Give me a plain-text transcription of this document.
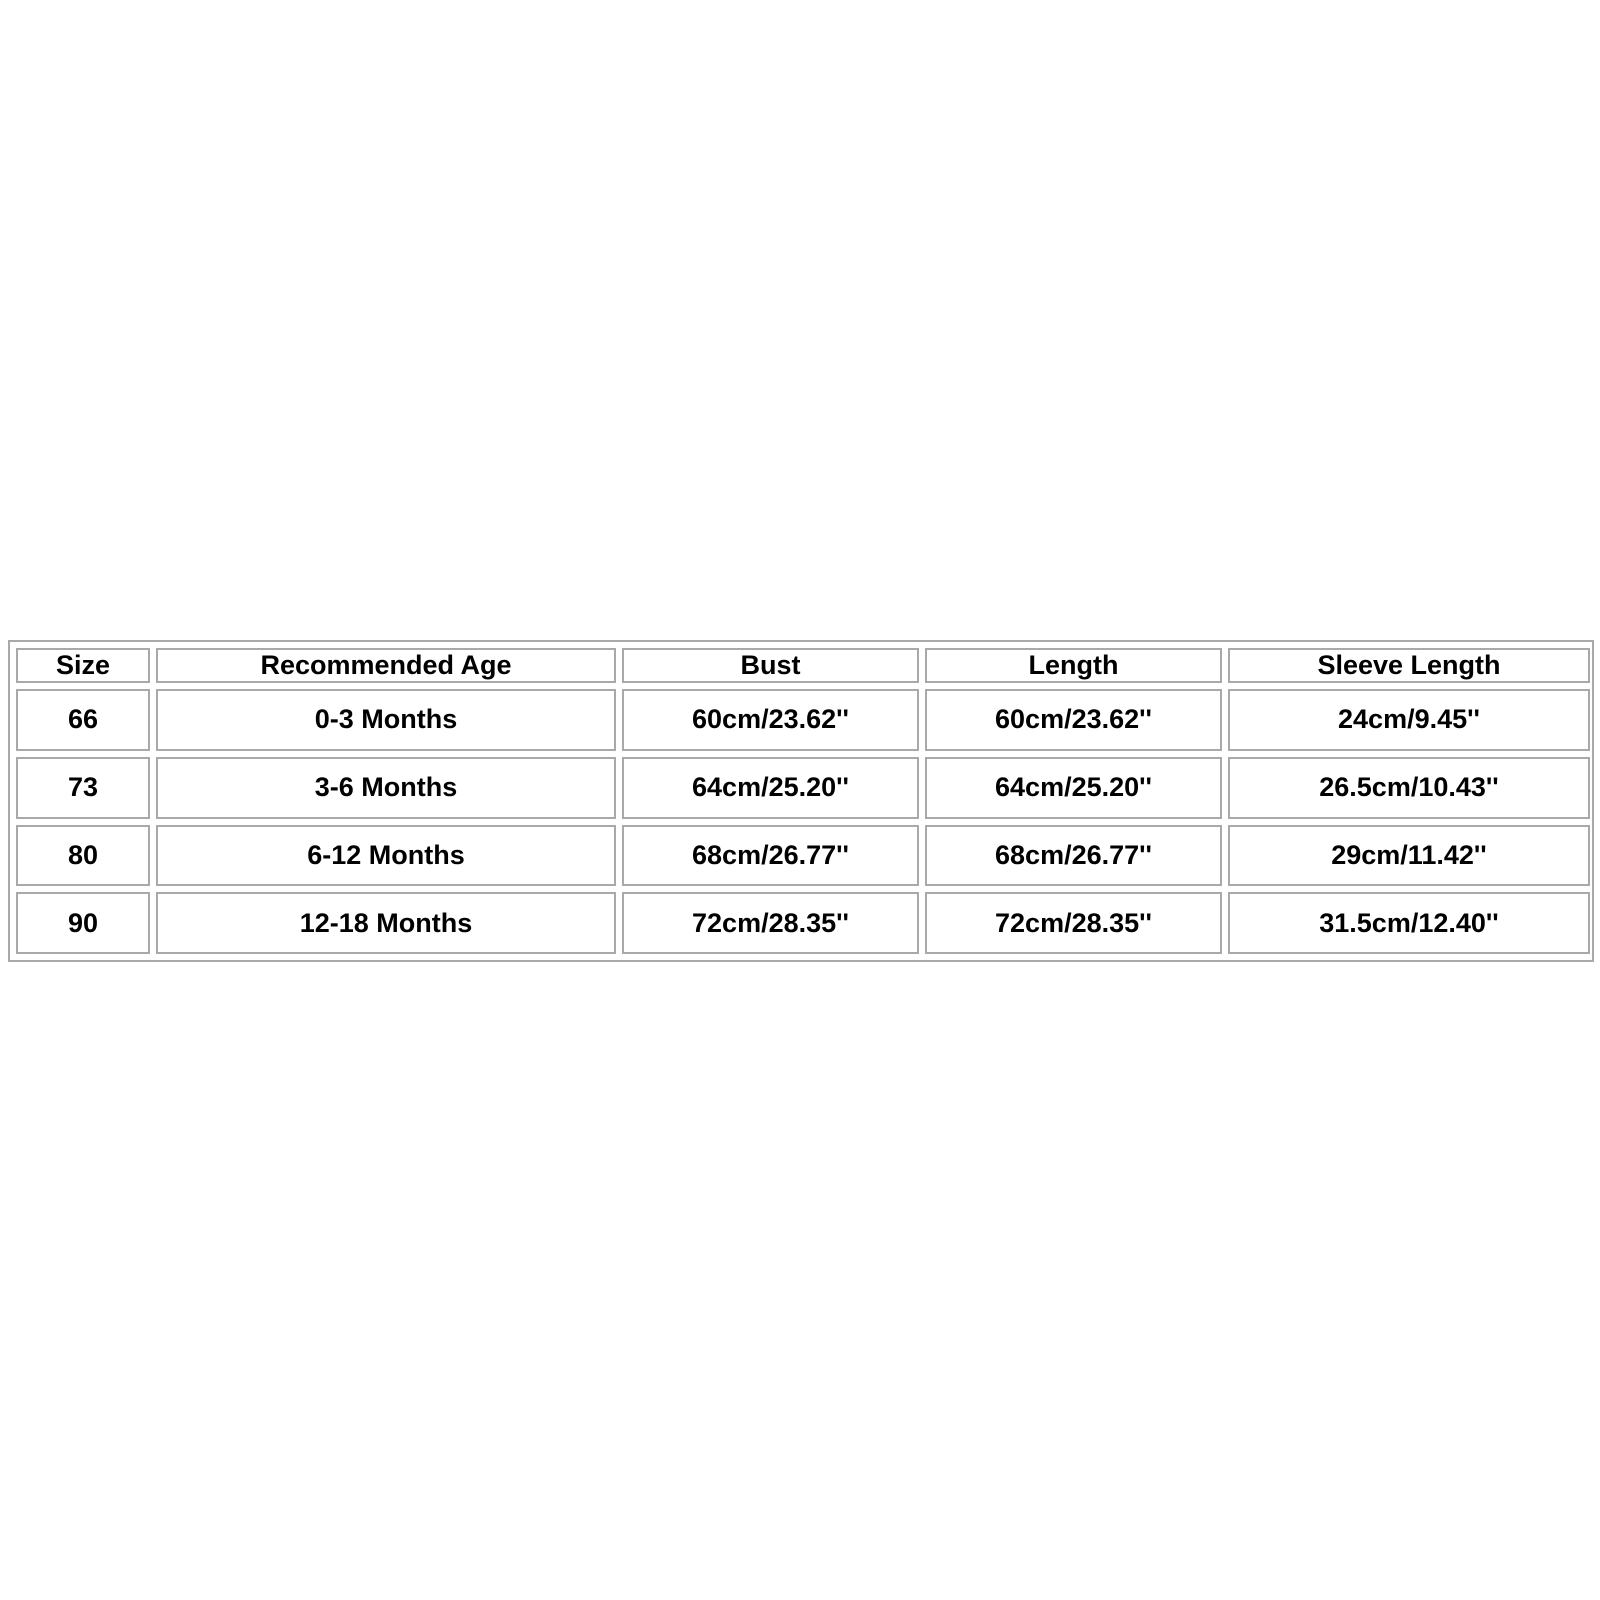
Size	Recommended Age	Bust	Length	Sleeve Length
66	0-3 Months	60cm/23.62''	60cm/23.62''	24cm/9.45''
73	3-6 Months	64cm/25.20''	64cm/25.20''	26.5cm/10.43''
80	6-12 Months	68cm/26.77''	68cm/26.77''	29cm/11.42''
90	12-18 Months	72cm/28.35''	72cm/28.35''	31.5cm/12.40''
